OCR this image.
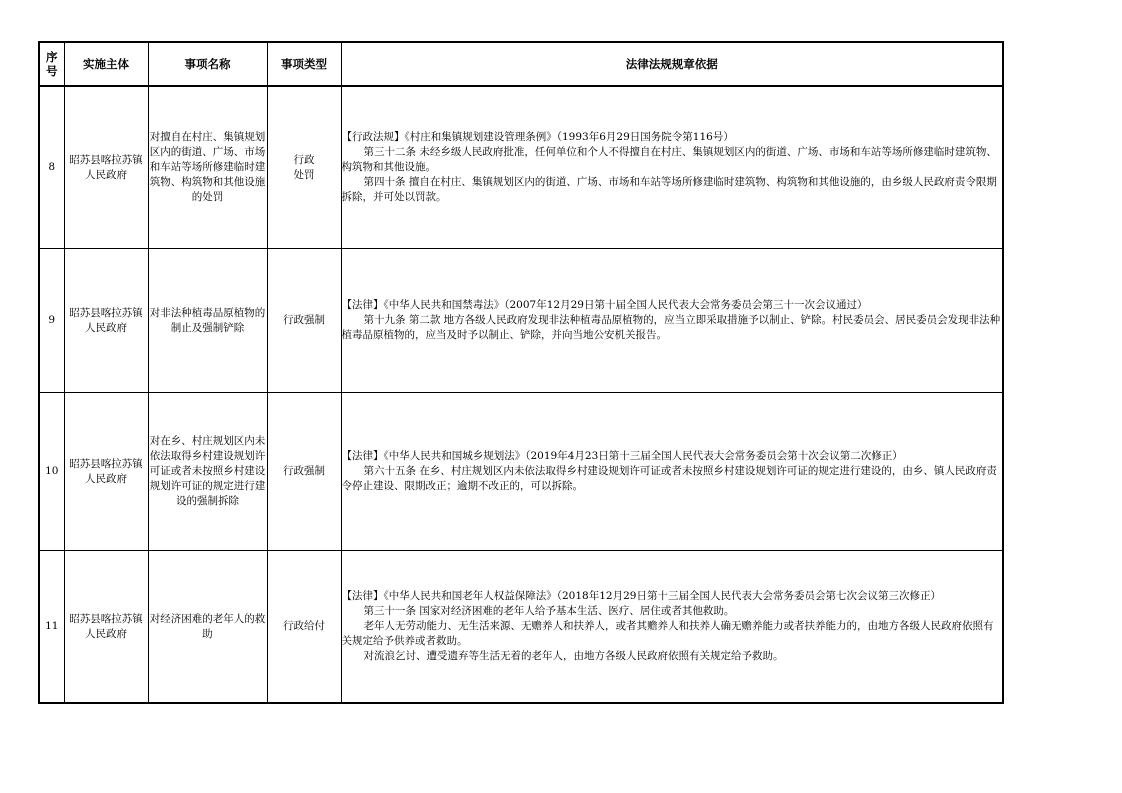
序号	实施主体	事项名称	事项类型	法律法规规章依据
8	昭苏县喀拉苏镇人民政府	对擅自在村庄、集镇规划区内的街道、广场、市场和车站等场所修建临时建筑物、构筑物和其他设施的处罚	行政处罚	【行政法规】《村庄和集镇规划建设管理条例》（1993年6月29日国务院令第116号）

第三十二条 未经乡级人民政府批准，任何单位和个人不得擅自在村庄、集镇规划区内的街道、广场、市场和车站等场所修建临时建筑物、构筑物和其他设施。

第四十条 擅自在村庄、集镇规划区内的街道、广场、市场和车站等场所修建临时建筑物、构筑物和其他设施的，由乡级人民政府责令限期拆除，并可处以罚款。

9	昭苏县喀拉苏镇人民政府	对非法种植毒品原植物的制止及强制铲除	行政强制	【法律】《中华人民共和国禁毒法》（2007年12月29日第十届全国人民代表大会常务委员会第三十一次会议通过）

第十九条 第二款 地方各级人民政府发现非法种植毒品原植物的，应当立即采取措施予以制止、铲除。村民委员会、居民委员会发现非法种植毒品原植物的，应当及时予以制止、铲除，并向当地公安机关报告。

10	昭苏县喀拉苏镇人民政府	对在乡、村庄规划区内未依法取得乡村建设规划许可证或者未按照乡村建设规划许可证的规定进行建设的强制拆除	行政强制	【法律】《中华人民共和国城乡规划法》（2019年4月23日第十三届全国人民代表大会常务委员会第十次会议第二次修正）

第六十五条 在乡、村庄规划区内未依法取得乡村建设规划许可证或者未按照乡村建设规划许可证的规定进行建设的，由乡、镇人民政府责令停止建设、限期改正；逾期不改正的，可以拆除。

11	昭苏县喀拉苏镇人民政府	对经济困难的老年人的救助	行政给付	【法律】《中华人民共和国老年人权益保障法》（2018年12月29日第十三届全国人民代表大会常务委员会第七次会议第三次修正）

第三十一条 国家对经济困难的老年人给予基本生活、医疗、居住或者其他救助。

老年人无劳动能力、无生活来源、无赡养人和扶养人，或者其赡养人和扶养人确无赡养能力或者扶养能力的，由地方各级人民政府依照有关规定给予供养或者救助。

对流浪乞讨、遭受遗弃等生活无着的老年人，由地方各级人民政府依照有关规定给予救助。
